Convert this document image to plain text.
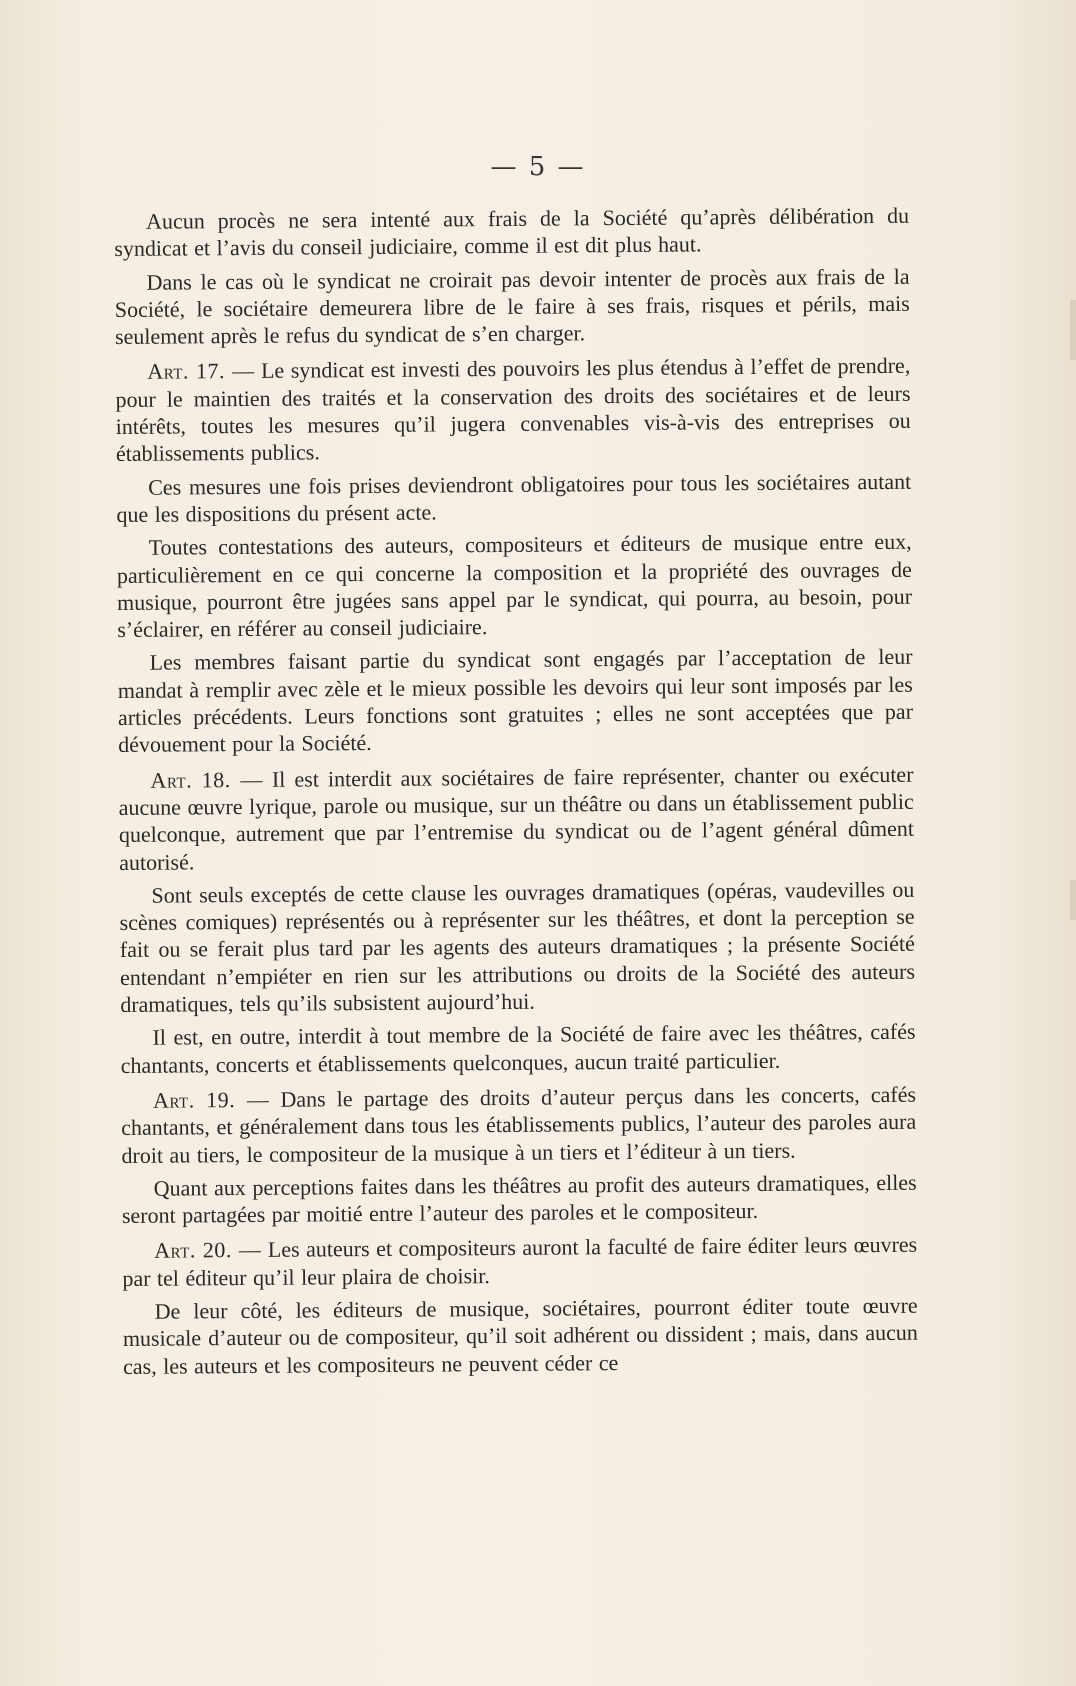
— 5 —

Aucun procès ne sera intenté aux frais de la Société qu’après délibération du syndicat et l’avis du conseil judiciaire, comme il est dit plus haut.

Dans le cas où le syndicat ne croirait pas devoir intenter de procès aux frais de la Société, le sociétaire demeurera libre de le faire à ses frais, risques et périls, mais seulement après le refus du syndicat de s’en charger.

Art. 17. — Le syndicat est investi des pouvoirs les plus étendus à l’effet de prendre, pour le maintien des traités et la conservation des droits des sociétaires et de leurs intérêts, toutes les mesures qu’il jugera convenables vis-à-vis des entreprises ou établissements publics.

Ces mesures une fois prises deviendront obligatoires pour tous les sociétaires autant que les dispositions du présent acte.

Toutes contestations des auteurs, compositeurs et éditeurs de musique entre eux, particulièrement en ce qui concerne la composition et la propriété des ouvrages de musique, pourront être jugées sans appel par le syndicat, qui pourra, au besoin, pour s’éclairer, en référer au conseil judiciaire.

Les membres faisant partie du syndicat sont engagés par l’acceptation de leur mandat à remplir avec zèle et le mieux possible les devoirs qui leur sont imposés par les articles précédents. Leurs fonctions sont gratuites ; elles ne sont acceptées que par dévouement pour la Société.

Art. 18. — Il est interdit aux sociétaires de faire représenter, chanter ou exécuter aucune œuvre lyrique, parole ou musique, sur un théâtre ou dans un établissement public quelconque, autrement que par l’entremise du syndicat ou de l’agent général dûment autorisé.

Sont seuls exceptés de cette clause les ouvrages dramatiques (opéras, vaudevilles ou scènes comiques) représentés ou à représenter sur les théâtres, et dont la perception se fait ou se ferait plus tard par les agents des auteurs dramatiques ; la présente Société entendant n’empiéter en rien sur les attributions ou droits de la Société des auteurs dramatiques, tels qu’ils subsistent aujourd’hui.

Il est, en outre, interdit à tout membre de la Société de faire avec les théâtres, cafés chantants, concerts et établissements quelconques, aucun traité particulier.

Art. 19. — Dans le partage des droits d’auteur perçus dans les concerts, cafés chantants, et généralement dans tous les établissements publics, l’auteur des paroles aura droit au tiers, le compositeur de la musique à un tiers et l’éditeur à un tiers.

Quant aux perceptions faites dans les théâtres au profit des auteurs dramatiques, elles seront partagées par moitié entre l’auteur des paroles et le compositeur.

Art. 20. — Les auteurs et compositeurs auront la faculté de faire éditer leurs œuvres par tel éditeur qu’il leur plaira de choisir.

De leur côté, les éditeurs de musique, sociétaires, pourront éditer toute œuvre musicale d’auteur ou de compositeur, qu’il soit adhérent ou dissident ; mais, dans aucun cas, les auteurs et les compositeurs ne peuvent céder ce
